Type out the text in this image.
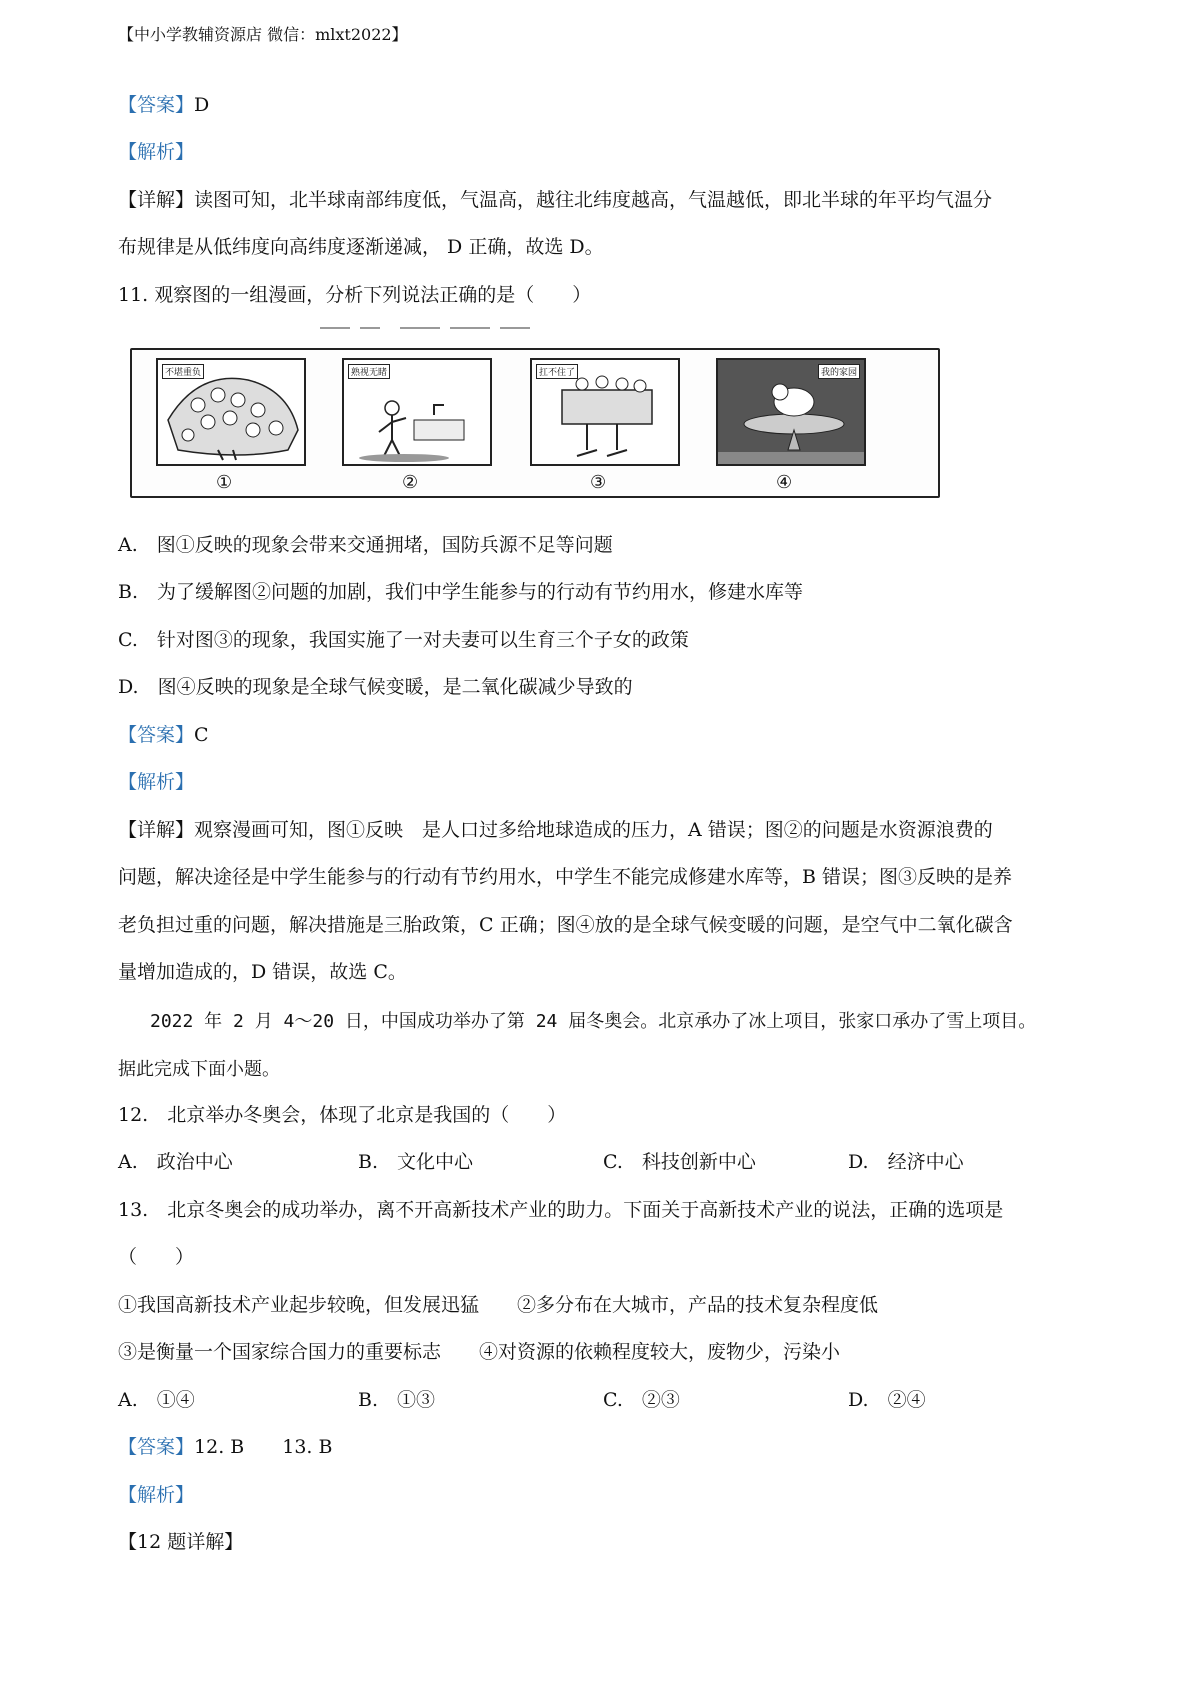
【中小学教辅资源店 微信：mlxt2022】
【答案】D
【解析】
【详解】读图可知，北半球南部纬度低，气温高，越往北纬度越高，气温越低，即北半球的年平均气温分
布规律是从低纬度向高纬度逐渐递减， D 正确，故选 D。
11. 观察图的一组漫画，分析下列说法正确的是（　　）
不堪重负
①
熟视无睹
②
扛不住了
③
我的家园
④
A.　图①反映的现象会带来交通拥堵，国防兵源不足等问题
B.　为了缓解图②问题的加剧，我们中学生能参与的行动有节约用水，修建水库等
C.　针对图③的现象，我国实施了一对夫妻可以生育三个子女的政策
D.　图④反映的现象是全球气候变暖，是二氧化碳减少导致的
【答案】C
【解析】
【详解】观察漫画可知，图①反映　是人口过多给地球造成的压力，A 错误；图②的问题是水资源浪费的
问题，解决途径是中学生能参与的行动有节约用水，中学生不能完成修建水库等，B 错误；图③反映的是养
老负担过重的问题，解决措施是三胎政策，C 正确；图④放的是全球气候变暖的问题，是空气中二氧化碳含
量增加造成的，D 错误，故选 C。
2022 年 2 月 4～20 日，中国成功举办了第 24 届冬奥会。北京承办了冰上项目，张家口承办了雪上项目。
据此完成下面小题。
12.　北京举办冬奥会，体现了北京是我国的（　　）
A.　政治中心	B.　文化中心	C.　科技创新中心	D.　经济中心
13.　北京冬奥会的成功举办，离不开高新技术产业的助力。下面关于高新技术产业的说法，正确的选项是
（　　）
①我国高新技术产业起步较晚，但发展迅猛　　②多分布在大城市，产品的技术复杂程度低
③是衡量一个国家综合国力的重要标志　　④对资源的依赖程度较大，废物少，污染小
A.　①④	B.　①③	C.　②③	D.　②④
【答案】12. B　　13. B
【解析】
【12 题详解】
